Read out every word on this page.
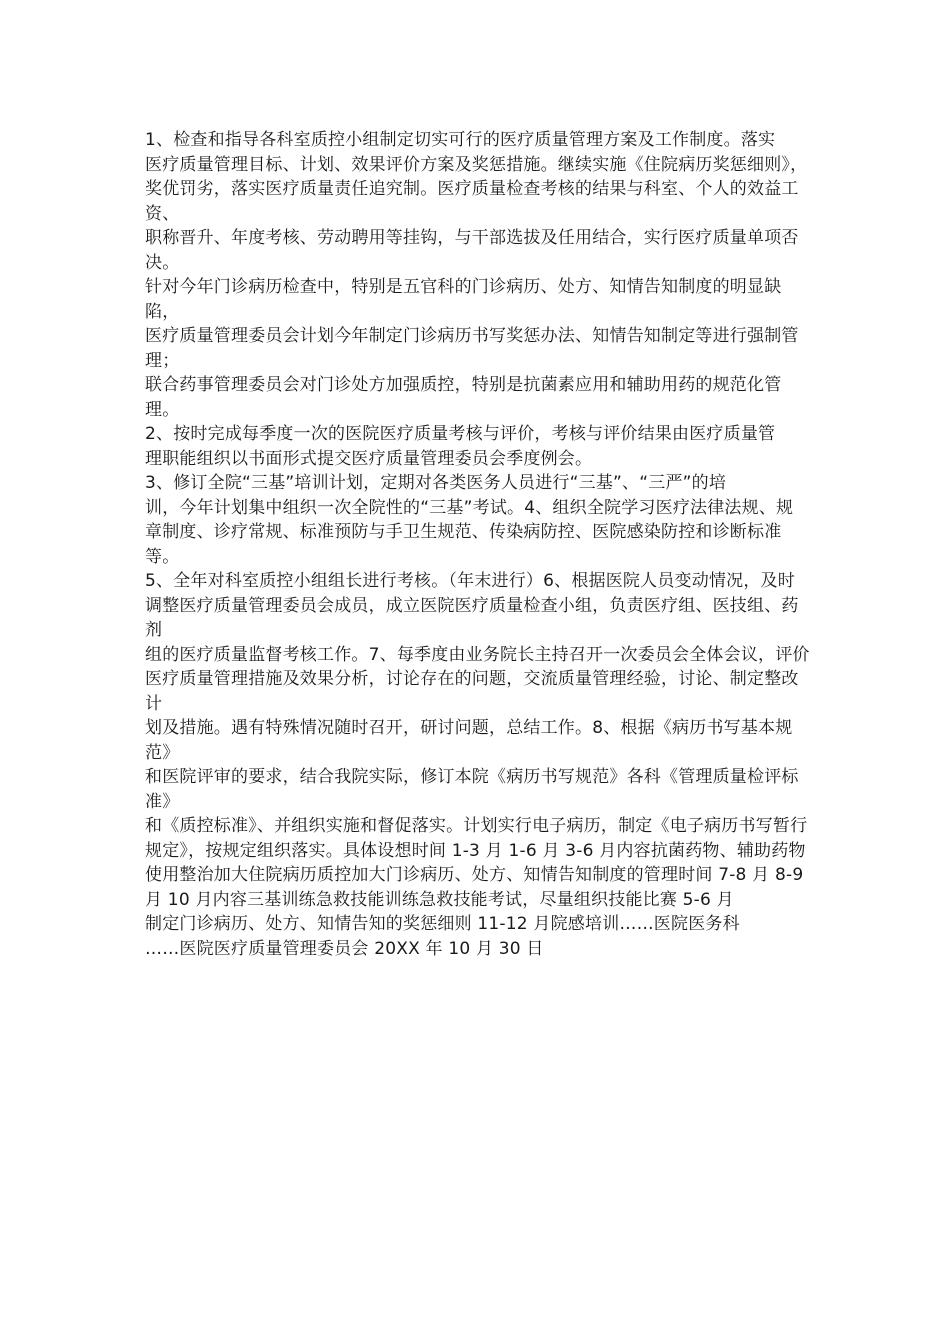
1、检查和指导各科室质控小组制定切实可行的医疗质量管理方案及工作制度。落实

医疗质量管理目标、计划、效果评价方案及奖惩措施。继续实施《住院病历奖惩细则》，

奖优罚劣，落实医疗质量责任追究制。医疗质量检查考核的结果与科室、个人的效益工资、

职称晋升、年度考核、劳动聘用等挂钩，与干部选拔及任用结合，实行医疗质量单项否决。

针对今年门诊病历检查中，特别是五官科的门诊病历、处方、知情告知制度的明显缺陷，

医疗质量管理委员会计划今年制定门诊病历书写奖惩办法、知情告知制定等进行强制管理；

联合药事管理委员会对门诊处方加强质控，特别是抗菌素应用和辅助用药的规范化管理。

2、按时完成每季度一次的医院医疗质量考核与评价，考核与评价结果由医疗质量管

理职能组织以书面形式提交医疗质量管理委员会季度例会。

3、修订全院“三基”培训计划，定期对各类医务人员进行“三基”、“三严”的培

训，今年计划集中组织一次全院性的“三基”考试。4、组织全院学习医疗法律法规、规

章制度、诊疗常规、标准预防与手卫生规范、传染病防控、医院感染防控和诊断标准等。

5、全年对科室质控小组组长进行考核。（年末进行）6、根据医院人员变动情况，及时

调整医疗质量管理委员会成员，成立医院医疗质量检查小组，负责医疗组、医技组、药剂

组的医疗质量监督考核工作。7、每季度由业务院长主持召开一次委员会全体会议，评价

医疗质量管理措施及效果分析，讨论存在的问题，交流质量管理经验，讨论、制定整改计

划及措施。遇有特殊情况随时召开，研讨问题，总结工作。8、根据《病历书写基本规范》

和医院评审的要求，结合我院实际，修订本院《病历书写规范》各科《管理质量检评标准》

和《质控标准》、并组织实施和督促落实。计划实行电子病历，制定《电子病历书写暂行

规定》，按规定组织落实。具体设想时间 1-3 月 1-6 月 3-6 月内容抗菌药物、辅助药物

使用整治加大住院病历质控加大门诊病历、处方、知情告知制度的管理时间 7-8 月 8-9

月 10 月内容三基训练急救技能训练急救技能考试，尽量组织技能比赛 5-6 月

制定门诊病历、处方、知情告知的奖惩细则 11-12 月院感培训……医院医务科

……医院医疗质量管理委员会 20XX 年 10 月 30 日
